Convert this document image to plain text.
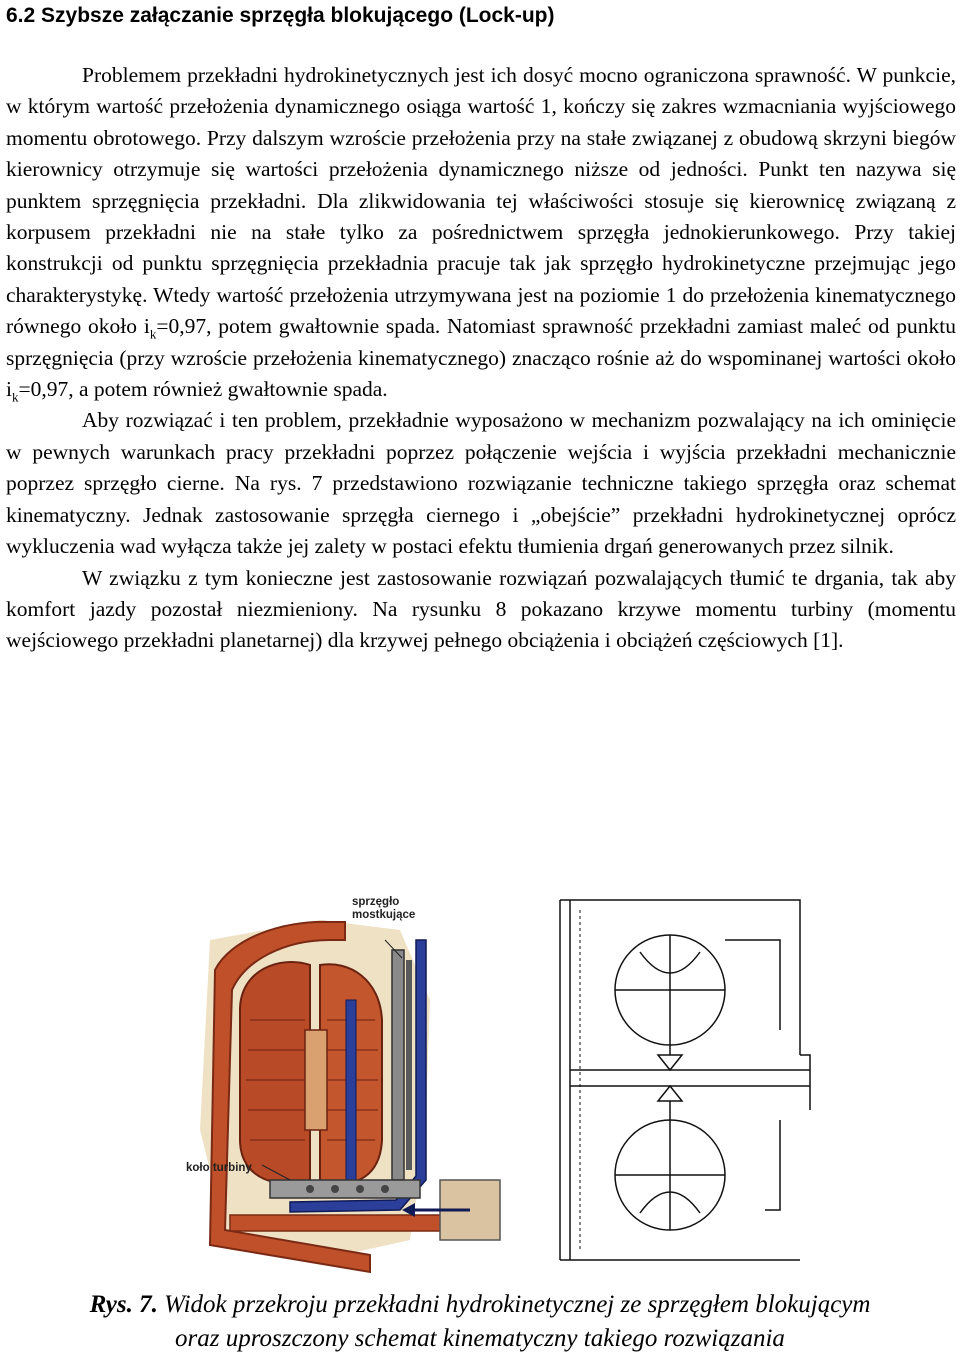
6.2 Szybsze załączanie sprzęgła blokującego (Lock-up)

Problemem przekładni hydrokinetycznych jest ich dosyć mocno ograniczona sprawność. W punkcie, w którym wartość przełożenia dynamicznego osiąga wartość 1, kończy się zakres wzmacniania wyjściowego momentu obrotowego. Przy dalszym wzroście przełożenia przy na stałe związanej z obudową skrzyni biegów kierownicy otrzymuje się wartości przełożenia dynamicznego niższe od jedności. Punkt ten nazywa się punktem sprzęgnięcia przekładni. Dla zlikwidowania tej właściwości stosuje się kierownicę związaną z korpusem przekładni nie na stałe tylko za pośrednictwem sprzęgła jednokierunkowego. Przy takiej konstrukcji od punktu sprzęgnięcia przekładnia pracuje tak jak sprzęgło hydrokinetyczne przejmując jego charakterystykę. Wtedy wartość przełożenia utrzymywana jest na poziomie 1 do przełożenia kinematycznego równego około $i_k=0,97$, potem gwałtownie spada. Natomiast sprawność przekładni zamiast maleć od punktu sprzęgnięcia (przy wzroście przełożenia kinematycznego) znacząco rośnie aż do wspominanej wartości około $i_k=0,97$, a potem również gwałtownie spada.

Aby rozwiązać i ten problem, przekładnie wyposażono w mechanizm pozwalający na ich ominięcie w pewnych warunkach pracy przekładni poprzez połączenie wejścia i wyjścia przekładni mechanicznie poprzez sprzęgło cierne. Na rys. 7 przedstawiono rozwiązanie techniczne takiego sprzęgła oraz schemat kinematyczny. Jednak zastosowanie sprzęgła ciernego i „obejście” przekładni hydrokinetycznej oprócz wykluczenia wad wyłącza także jej zalety w postaci efektu tłumienia drgań generowanych przez silnik.

W związku z tym konieczne jest zastosowanie rozwiązań pozwalających tłumić te drgania, tak aby komfort jazdy pozostał niezmieniony. Na rysunku 8 pokazano krzywe momentu turbiny (momentu wejściowego przekładni planetarnej) dla krzywej pełnego obciążenia i obciążeń częściowych [1].

sprzęgło
mostkujące
koło turbiny
Rys. 7. Widok przekroju przekładni hydrokinetycznej ze sprzęgłem blokującym
oraz uproszczony schemat kinematyczny takiego rozwiązania
